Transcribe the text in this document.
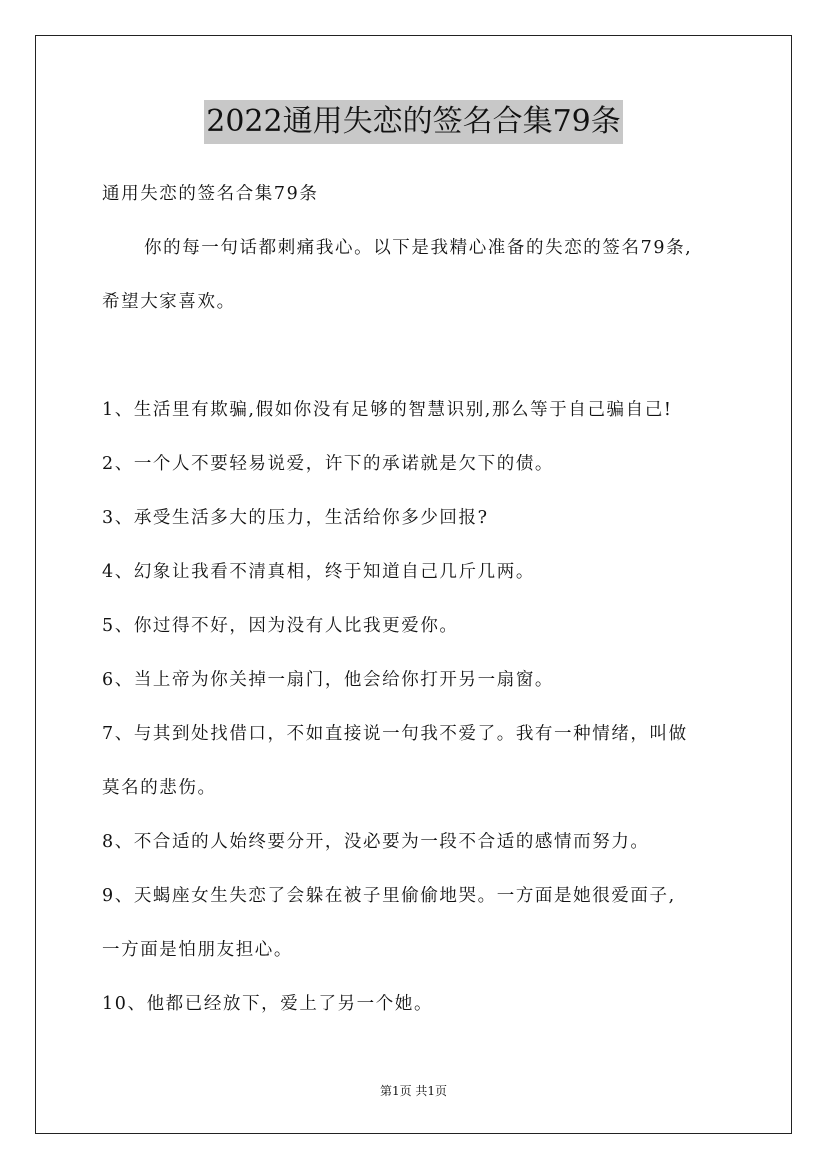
2022通用失恋的签名合集79条
通用失恋的签名合集79条
你的每一句话都刺痛我心。以下是我精心准备的失恋的签名79条,
希望大家喜欢。
1、生活里有欺骗,假如你没有足够的智慧识别,那么等于自己骗自己!
2、一个人不要轻易说爱，许下的承诺就是欠下的债。
3、承受生活多大的压力，生活给你多少回报?
4、幻象让我看不清真相，终于知道自己几斤几两。
5、你过得不好，因为没有人比我更爱你。
6、当上帝为你关掉一扇门，他会给你打开另一扇窗。
7、与其到处找借口，不如直接说一句我不爱了。我有一种情绪，叫做
莫名的悲伤。
8、不合适的人始终要分开，没必要为一段不合适的感情而努力。
9、天蝎座女生失恋了会躲在被子里偷偷地哭。一方面是她很爱面子,
一方面是怕朋友担心。
10、他都已经放下，爱上了另一个她。
第1页 共1页
